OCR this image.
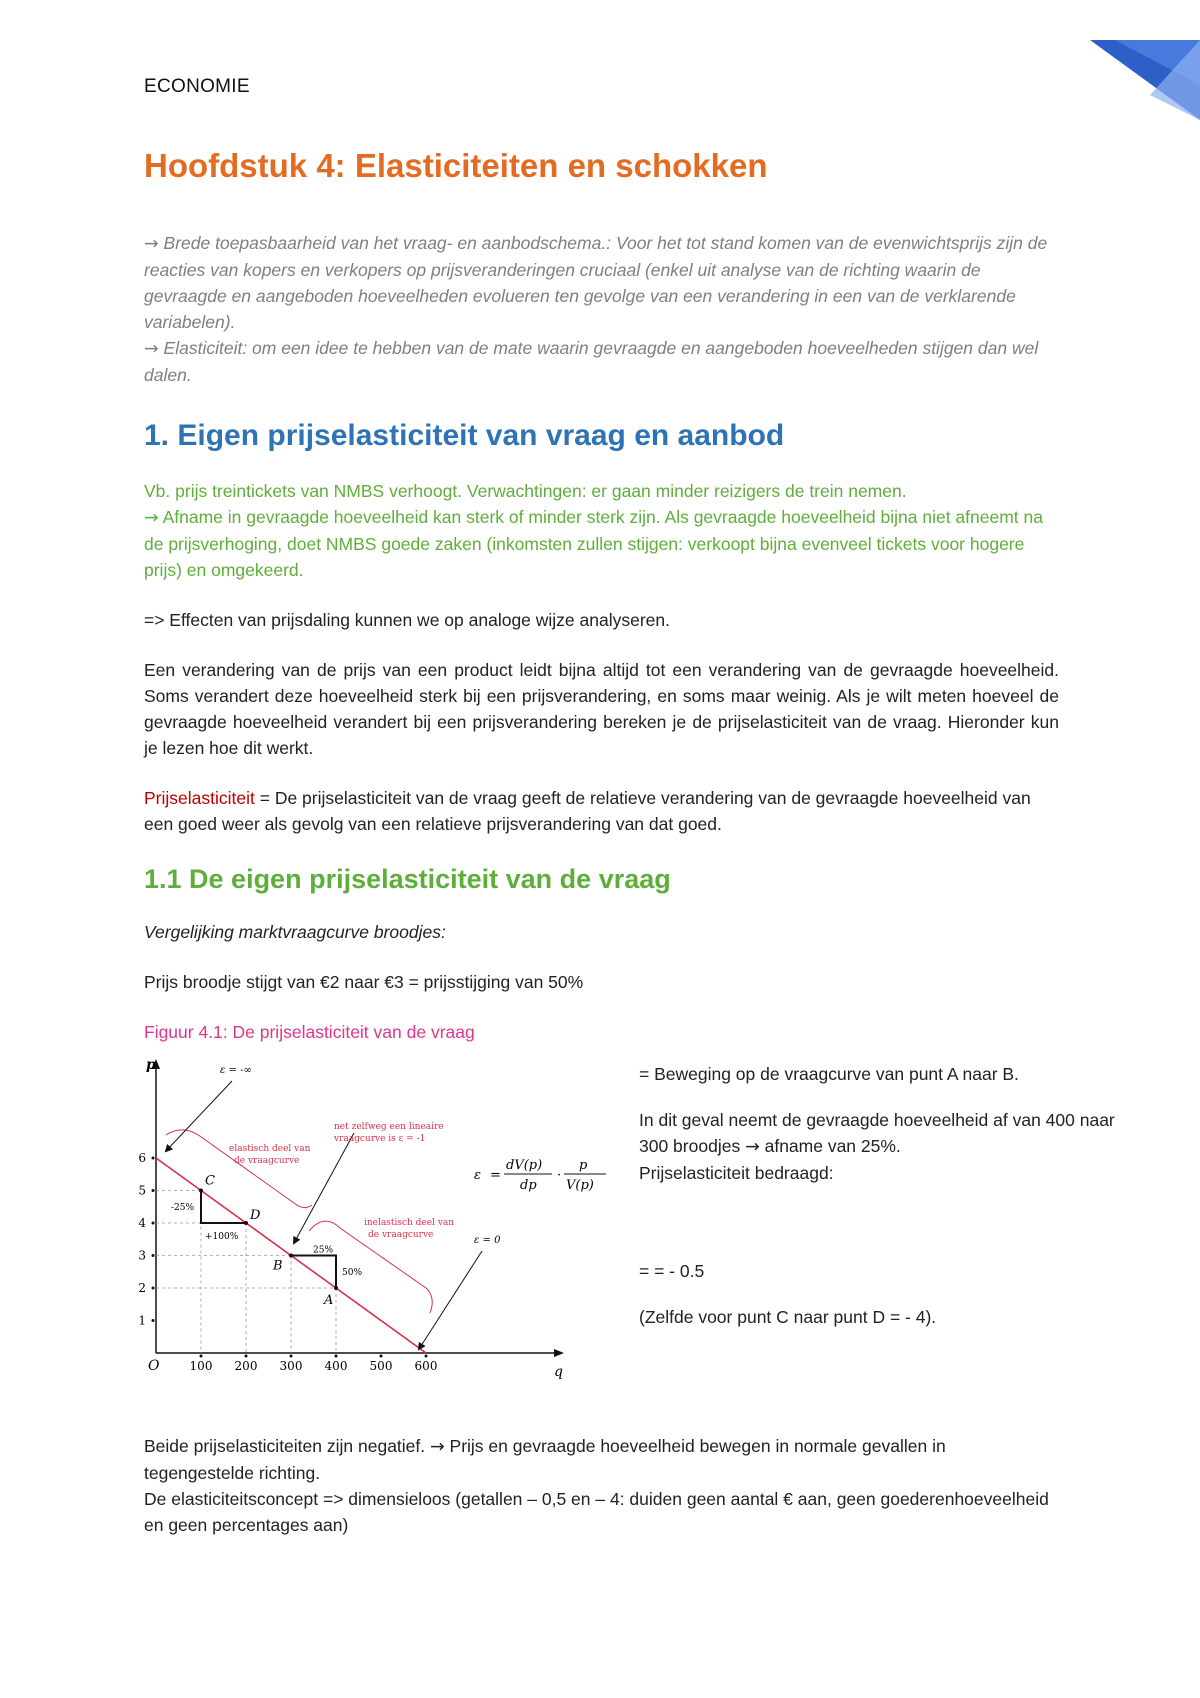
ECONOMIE
Hoofdstuk 4: Elasticiteiten en schokken

→ Brede toepasbaarheid van het vraag- en aanbodschema.: Voor het tot stand komen van de evenwichtsprijs zijn de reacties van kopers en verkopers op prijsveranderingen cruciaal (enkel uit analyse van de richting waarin de gevraagde en aangeboden hoeveelheden evolueren ten gevolge van een verandering in een van de verklarende variabelen).

→ Elasticiteit: om een idee te hebben van de mate waarin gevraagde en aangeboden hoeveelheden stijgen dan wel dalen.

1. Eigen prijselasticiteit van vraag en aanbod

Vb. prijs treintickets van NMBS verhoogt. Verwachtingen: er gaan minder reizigers de trein nemen.

→ Afname in gevraagde hoeveelheid kan sterk of minder sterk zijn. Als gevraagde hoeveelheid bijna niet afneemt na de prijsverhoging, doet NMBS goede zaken (inkomsten zullen stijgen: verkoopt bijna evenveel tickets voor hogere prijs) en omgekeerd.

=> Effecten van prijsdaling kunnen we op analoge wijze analyseren.

Een verandering van de prijs van een product leidt bijna altijd tot een verandering van de gevraagde hoeveelheid. Soms verandert deze hoeveelheid sterk bij een prijsverandering, en soms maar weinig. Als je wilt meten hoeveel de gevraagde hoeveelheid verandert bij een prijsverandering bereken je de prijselasticiteit van de vraag. Hieronder kun je lezen hoe dit werkt.

Prijselasticiteit = De prijselasticiteit van de vraag geeft de relatieve verandering van de gevraagde hoeveelheid van een goed weer als gevolg van een relatieve prijsverandering van dat goed.

1.1 De eigen prijselasticiteit van de vraag

Vergelijking marktvraagcurve broodjes:

Prijs broodje stijgt van €2 naar €3 = prijsstijging van 50%

Figuur 4.1: De prijselasticiteit van de vraag

p
q
O
1
2
3
4
5
6
100 200 300 400 500 600
-25%
+100%
25%
50%
A
B
C
D
ε = -∞
ε = 0
elastisch deel van
de vraagcurve
net zelfweg een lineaire
vraagcurve is ε = -1
inelastisch deel van
de vraagcurve
ε =
dV(p)
dp
·
p
V(p)

= Beweging op de vraagcurve van punt A naar B.

In dit geval neemt de gevraagde hoeveelheid af van 400 naar 300 broodjes → afname van 25%.

Prijselasticiteit bedraagd:

= = - 0.5

(Zelfde voor punt C naar punt D = - 4).

Beide prijselasticiteiten zijn negatief. → Prijs en gevraagde hoeveelheid bewegen in normale gevallen in tegengestelde richting.
De elasticiteitsconcept => dimensieloos (getallen – 0,5 en – 4: duiden geen aantal € aan, geen goederenhoeveelheid en geen percentages aan)
